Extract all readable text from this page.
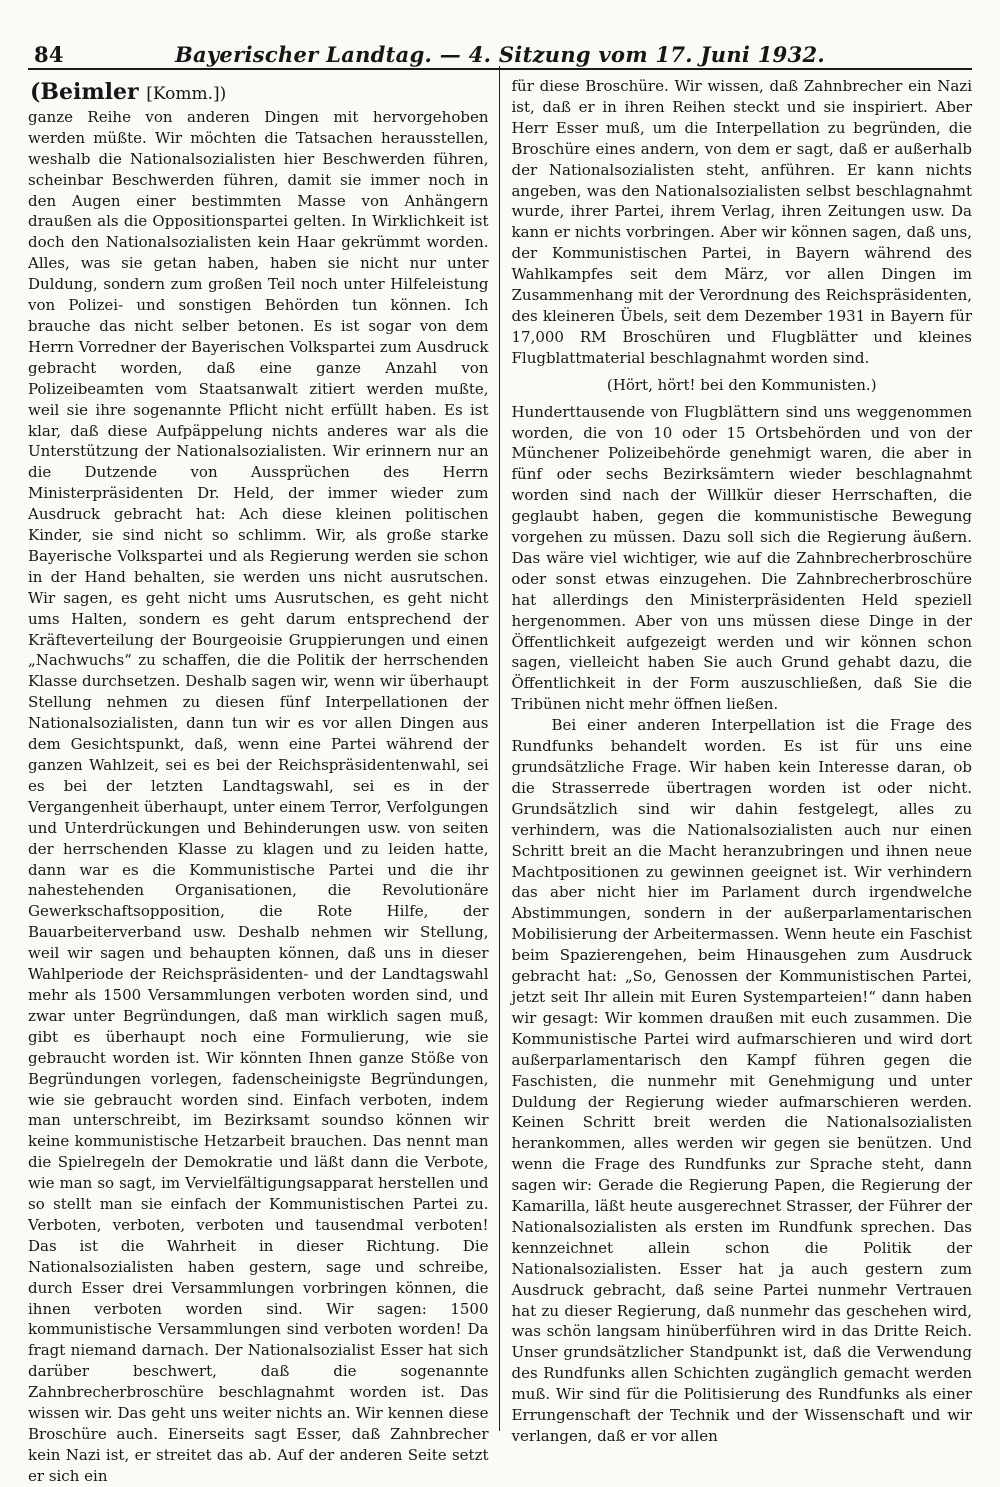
84	Bayerischer Landtag. — 4. Sitzung vom 17. Juni 1932.
(Beimler [Komm.])

ganze Reihe von anderen Dingen mit hervorgehoben werden müßte. Wir möchten die Tatsachen herausstellen, weshalb die Nationalsozialisten hier Beschwerden führen, scheinbar Beschwerden führen, damit sie immer noch in den Augen einer bestimmten Masse von Anhängern draußen als die Oppositionspartei gelten. In Wirklichkeit ist doch den Nationalsozialisten kein Haar gekrümmt worden. Alles, was sie getan haben, haben sie nicht nur unter Duldung, sondern zum großen Teil noch unter Hilfeleistung von Polizei- und sonstigen Behörden tun können. Ich brauche das nicht selber betonen. Es ist sogar von dem Herrn Vorredner der Bayerischen Volkspartei zum Ausdruck gebracht worden, daß eine ganze Anzahl von Polizeibeamten vom Staatsanwalt zitiert werden mußte, weil sie ihre sogenannte Pflicht nicht erfüllt haben. Es ist klar, daß diese Aufpäppelung nichts anderes war als die Unterstützung der Nationalsozialisten. Wir erinnern nur an die Dutzende von Aussprüchen des Herrn Ministerpräsidenten Dr. Held, der immer wieder zum Ausdruck gebracht hat: Ach diese kleinen politischen Kinder, sie sind nicht so schlimm. Wir, als große starke Bayerische Volkspartei und als Regierung werden sie schon in der Hand behalten, sie werden uns nicht ausrutschen. Wir sagen, es geht nicht ums Ausrutschen, es geht nicht ums Halten, sondern es geht darum entsprechend der Kräfteverteilung der Bourgeoisie Gruppierungen und einen „Nachwuchs“ zu schaffen, die die Politik der herrschenden Klasse durchsetzen. Deshalb sagen wir, wenn wir überhaupt Stellung nehmen zu diesen fünf Interpellationen der Nationalsozialisten, dann tun wir es vor allen Dingen aus dem Gesichtspunkt, daß, wenn eine Partei während der ganzen Wahlzeit, sei es bei der Reichspräsidentenwahl, sei es bei der letzten Landtagswahl, sei es in der Vergangenheit überhaupt, unter einem Terror, Verfolgungen und Unterdrückungen und Behinderungen usw. von seiten der herrschenden Klasse zu klagen und zu leiden hatte, dann war es die Kommunistische Partei und die ihr nahestehenden Organisationen, die Revolutionäre Gewerkschaftsopposition, die Rote Hilfe, der Bauarbeiterverband usw. Deshalb nehmen wir Stellung, weil wir sagen und behaupten können, daß uns in dieser Wahlperiode der Reichspräsidenten- und der Landtagswahl mehr als 1500 Versammlungen verboten worden sind, und zwar unter Begründungen, daß man wirklich sagen muß, gibt es überhaupt noch eine Formulierung, wie sie gebraucht worden ist. Wir könnten Ihnen ganze Stöße von Begründungen vorlegen, fadenscheinigste Begründungen, wie sie gebraucht worden sind. Einfach verboten, indem man unterschreibt, im Bezirksamt soundso können wir keine kommunistische Hetzarbeit brauchen. Das nennt man die Spielregeln der Demokratie und läßt dann die Verbote, wie man so sagt, im Vervielfältigungsapparat herstellen und so stellt man sie einfach der Kommunistischen Partei zu. Verboten, verboten, verboten und tausendmal verboten! Das ist die Wahrheit in dieser Richtung. Die Nationalsozialisten haben gestern, sage und schreibe, durch Esser drei Versammlungen vorbringen können, die ihnen verboten worden sind. Wir sagen: 1500 kommunistische Versammlungen sind verboten worden! Da fragt niemand darnach. Der Nationalsozialist Esser hat sich darüber beschwert, daß die sogenannte Zahnbrecherbroschüre beschlagnahmt worden ist. Das wissen wir. Das geht uns weiter nichts an. Wir kennen diese Broschüre auch. Einerseits sagt Esser, daß Zahnbrecher kein Nazi ist, er streitet das ab. Auf der anderen Seite setzt er sich ein

für diese Broschüre. Wir wissen, daß Zahnbrecher ein Nazi ist, daß er in ihren Reihen steckt und sie inspiriert. Aber Herr Esser muß, um die Interpellation zu begründen, die Broschüre eines andern, von dem er sagt, daß er außerhalb der Nationalsozialisten steht, anführen. Er kann nichts angeben, was den Nationalsozialisten selbst beschlagnahmt wurde, ihrer Partei, ihrem Verlag, ihren Zeitungen usw. Da kann er nichts vorbringen. Aber wir können sagen, daß uns, der Kommunistischen Partei, in Bayern während des Wahlkampfes seit dem März, vor allen Dingen im Zusammenhang mit der Verordnung des Reichspräsidenten, des kleineren Übels, seit dem Dezember 1931 in Bayern für 17,000 RM Broschüren und Flugblätter und kleines Flugblattmaterial beschlagnahmt worden sind.

(Hört, hört! bei den Kommunisten.)

Hunderttausende von Flugblättern sind uns weggenommen worden, die von 10 oder 15 Ortsbehörden und von der Münchener Polizeibehörde genehmigt waren, die aber in fünf oder sechs Bezirksämtern wieder beschlagnahmt worden sind nach der Willkür dieser Herrschaften, die geglaubt haben, gegen die kommunistische Bewegung vorgehen zu müssen. Dazu soll sich die Regierung äußern. Das wäre viel wichtiger, wie auf die Zahnbrecherbroschüre oder sonst etwas einzugehen. Die Zahnbrecherbroschüre hat allerdings den Ministerpräsidenten Held speziell hergenommen. Aber von uns müssen diese Dinge in der Öffentlichkeit aufgezeigt werden und wir können schon sagen, vielleicht haben Sie auch Grund gehabt dazu, die Öffentlichkeit in der Form auszuschließen, daß Sie die Tribünen nicht mehr öffnen ließen.

Bei einer anderen Interpellation ist die Frage des Rundfunks behandelt worden. Es ist für uns eine grundsätzliche Frage. Wir haben kein Interesse daran, ob die Strasserrede übertragen worden ist oder nicht. Grundsätzlich sind wir dahin festgelegt, alles zu verhindern, was die Nationalsozialisten auch nur einen Schritt breit an die Macht heranzubringen und ihnen neue Machtpositionen zu gewinnen geeignet ist. Wir verhindern das aber nicht hier im Parlament durch irgendwelche Abstimmungen, sondern in der außerparlamentarischen Mobilisierung der Arbeitermassen. Wenn heute ein Faschist beim Spazierengehen, beim Hinausgehen zum Ausdruck gebracht hat: „So, Genossen der Kommunistischen Partei, jetzt seit Ihr allein mit Euren Systemparteien!“ dann haben wir gesagt: Wir kommen draußen mit euch zusammen. Die Kommunistische Partei wird aufmarschieren und wird dort außerparlamentarisch den Kampf führen gegen die Faschisten, die nunmehr mit Genehmigung und unter Duldung der Regierung wieder aufmarschieren werden. Keinen Schritt breit werden die Nationalsozialisten herankommen, alles werden wir gegen sie benützen. Und wenn die Frage des Rundfunks zur Sprache steht, dann sagen wir: Gerade die Regierung Papen, die Regierung der Kamarilla, läßt heute ausgerechnet Strasser, der Führer der Nationalsozialisten als ersten im Rundfunk sprechen. Das kennzeichnet allein schon die Politik der Nationalsozialisten. Esser hat ja auch gestern zum Ausdruck gebracht, daß seine Partei nunmehr Vertrauen hat zu dieser Regierung, daß nunmehr das geschehen wird, was schön langsam hinüberführen wird in das Dritte Reich. Unser grundsätzlicher Standpunkt ist, daß die Verwendung des Rundfunks allen Schichten zugänglich gemacht werden muß. Wir sind für die Politisierung des Rundfunks als einer Errungenschaft der Technik und der Wissenschaft und wir verlangen, daß er vor allen
